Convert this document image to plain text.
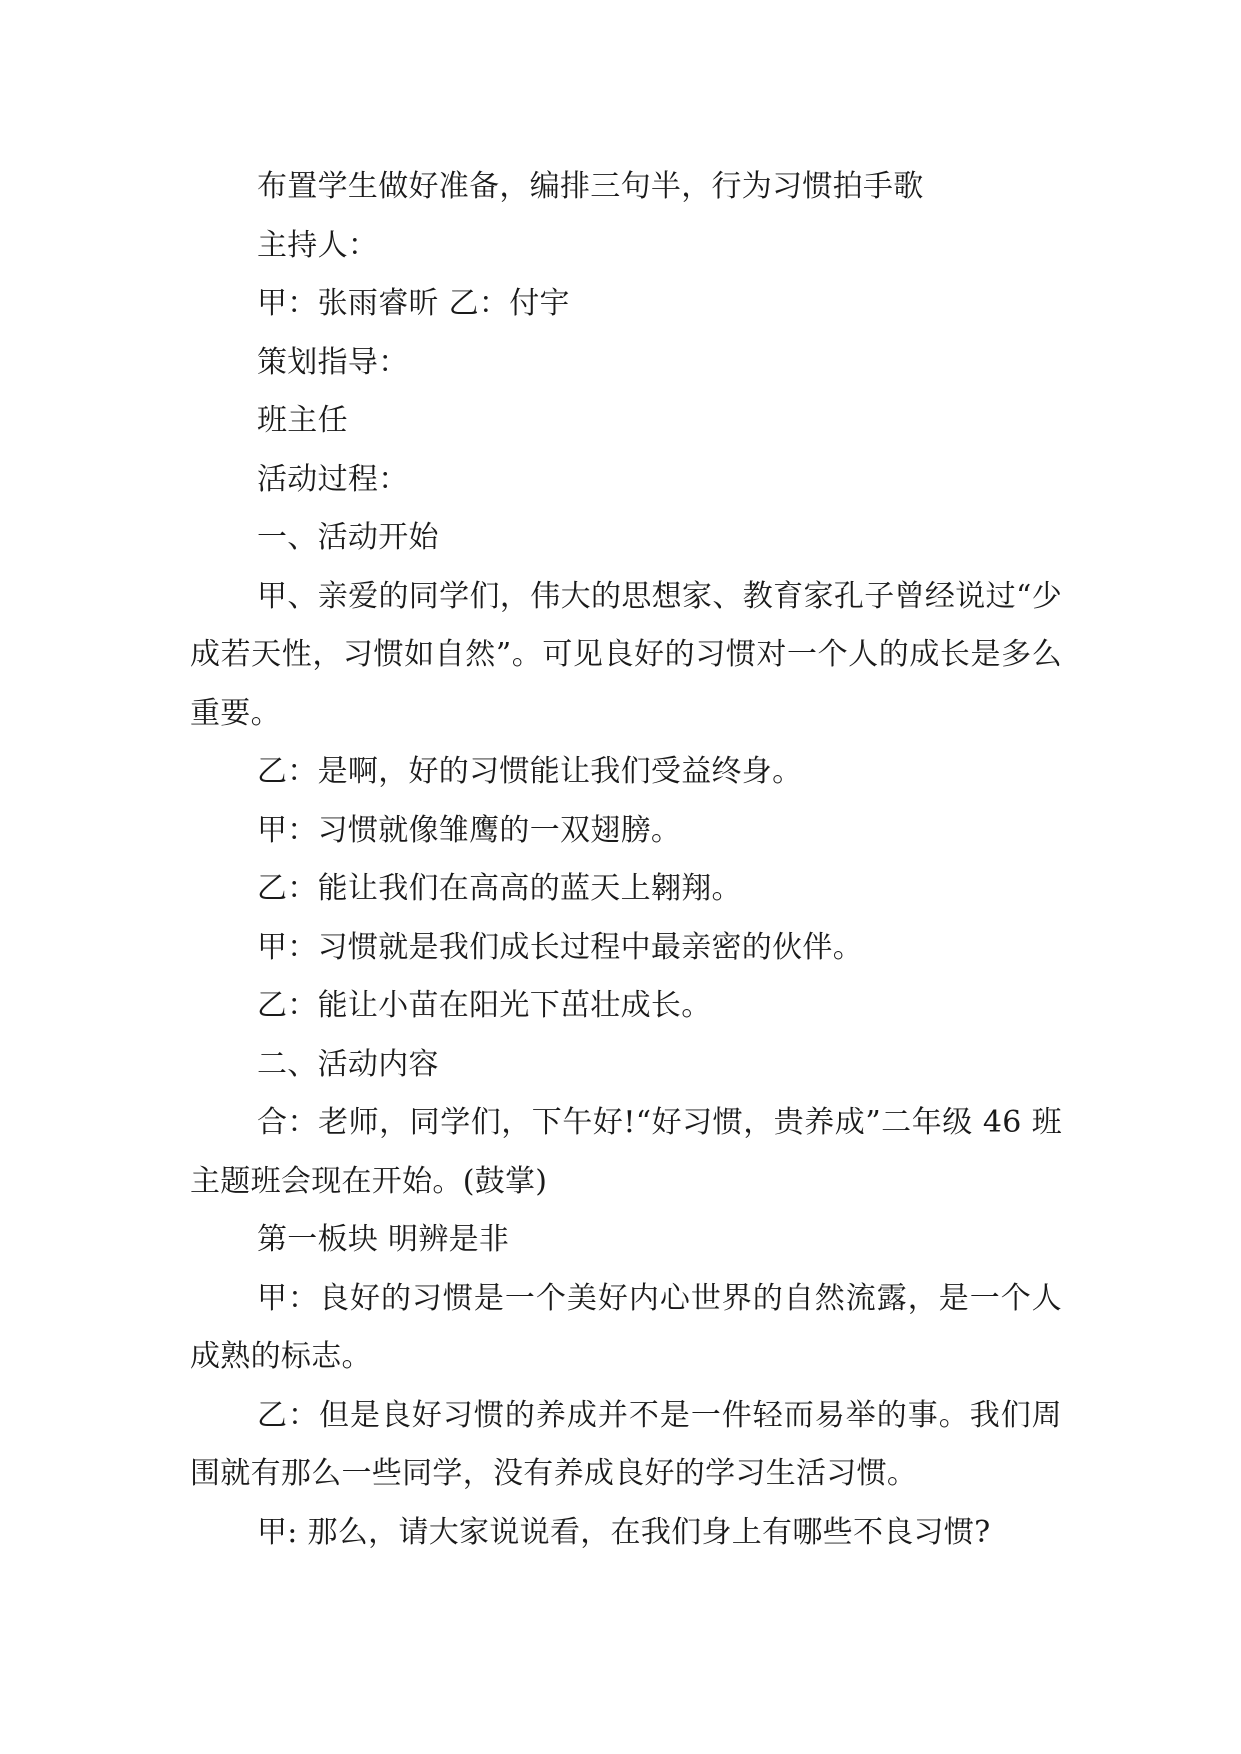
布置学生做好准备，编排三句半，行为习惯拍手歌

主持人：

甲：张雨睿昕 乙：付宇

策划指导：

班主任

活动过程：

一、活动开始

甲、亲爱的同学们，伟大的思想家、教育家孔子曾经说过“少成若天性，习惯如自然”。可见良好的习惯对一个人的成长是多么重要。

乙：是啊，好的习惯能让我们受益终身。

甲：习惯就像雏鹰的一双翅膀。

乙：能让我们在高高的蓝天上翱翔。

甲：习惯就是我们成长过程中最亲密的伙伴。

乙：能让小苗在阳光下茁壮成长。

二、活动内容

合：老师，同学们，下午好!“好习惯，贵养成”二年级 46 班主题班会现在开始。(鼓掌)

第一板块 明辨是非

甲：良好的习惯是一个美好内心世界的自然流露，是一个人成熟的标志。

乙：但是良好习惯的养成并不是一件轻而易举的事。我们周围就有那么一些同学，没有养成良好的学习生活习惯。

甲: 那么，请大家说说看，在我们身上有哪些不良习惯?
